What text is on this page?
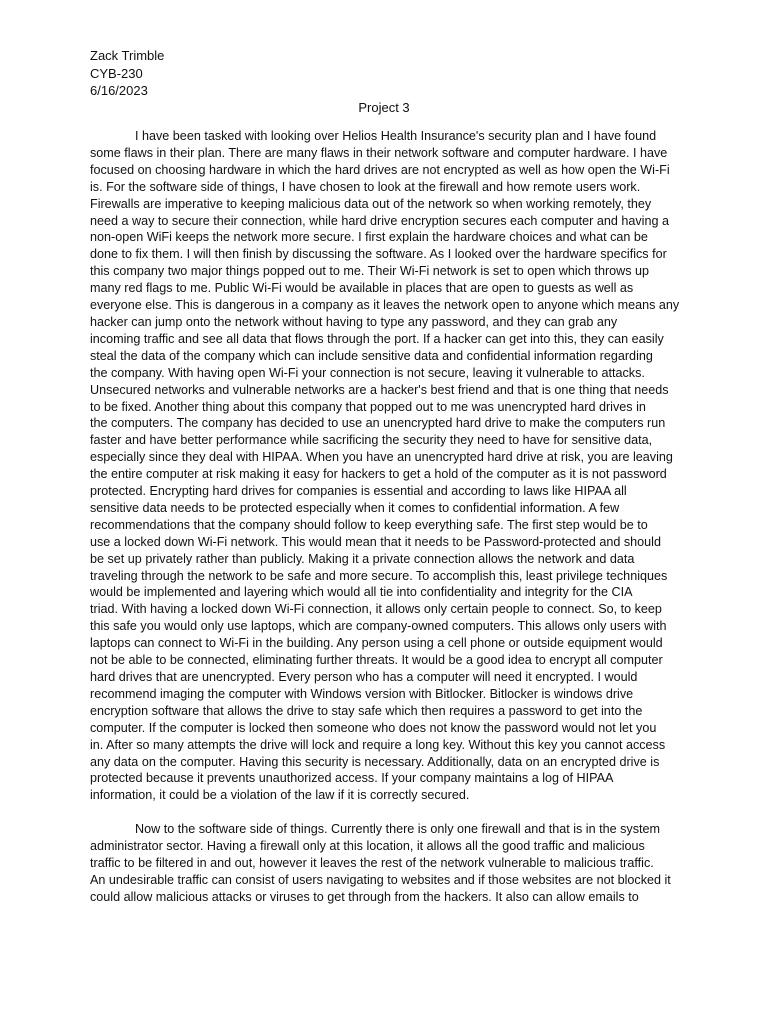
Zack Trimble
CYB-230
6/16/2023
Project 3
I have been tasked with looking over Helios Health Insurance's security plan and I have found
some flaws in their plan. There are many flaws in their network software and computer hardware. I have
focused on choosing hardware in which the hard drives are not encrypted as well as how open the Wi-Fi
is. For the software side of things, I have chosen to look at the firewall and how remote users work.
Firewalls are imperative to keeping malicious data out of the network so when working remotely, they
need a way to secure their connection, while hard drive encryption secures each computer and having a
non-open WiFi keeps the network more secure. I first explain the hardware choices and what can be
done to fix them. I will then finish by discussing the software. As I looked over the hardware specifics for
this company two major things popped out to me. Their Wi-Fi network is set to open which throws up
many red flags to me. Public Wi-Fi would be available in places that are open to guests as well as
everyone else. This is dangerous in a company as it leaves the network open to anyone which means any
hacker can jump onto the network without having to type any password, and they can grab any
incoming traffic and see all data that flows through the port. If a hacker can get into this, they can easily
steal the data of the company which can include sensitive data and confidential information regarding
the company. With having open Wi-Fi your connection is not secure, leaving it vulnerable to attacks.
Unsecured networks and vulnerable networks are a hacker's best friend and that is one thing that needs
to be fixed. Another thing about this company that popped out to me was unencrypted hard drives in
the computers. The company has decided to use an unencrypted hard drive to make the computers run
faster and have better performance while sacrificing the security they need to have for sensitive data,
especially since they deal with HIPAA. When you have an unencrypted hard drive at risk, you are leaving
the entire computer at risk making it easy for hackers to get a hold of the computer as it is not password
protected. Encrypting hard drives for companies is essential and according to laws like HIPAA all
sensitive data needs to be protected especially when it comes to confidential information. A few
recommendations that the company should follow to keep everything safe. The first step would be to
use a locked down Wi-Fi network. This would mean that it needs to be Password-protected and should
be set up privately rather than publicly. Making it a private connection allows the network and data
traveling through the network to be safe and more secure. To accomplish this, least privilege techniques
would be implemented and layering which would all tie into confidentiality and integrity for the CIA
triad. With having a locked down Wi-Fi connection, it allows only certain people to connect. So, to keep
this safe you would only use laptops, which are company-owned computers. This allows only users with
laptops can connect to Wi-Fi in the building. Any person using a cell phone or outside equipment would
not be able to be connected, eliminating further threats. It would be a good idea to encrypt all computer
hard drives that are unencrypted. Every person who has a computer will need it encrypted. I would
recommend imaging the computer with Windows version with Bitlocker. Bitlocker is windows drive
encryption software that allows the drive to stay safe which then requires a password to get into the
computer. If the computer is locked then someone who does not know the password would not let you
in. After so many attempts the drive will lock and require a long key. Without this key you cannot access
any data on the computer. Having this security is necessary. Additionally, data on an encrypted drive is
protected because it prevents unauthorized access. If your company maintains a log of HIPAA
information, it could be a violation of the law if it is correctly secured.
Now to the software side of things. Currently there is only one firewall and that is in the system
administrator sector. Having a firewall only at this location, it allows all the good traffic and malicious
traffic to be filtered in and out, however it leaves the rest of the network vulnerable to malicious traffic.
An undesirable traffic can consist of users navigating to websites and if those websites are not blocked it
could allow malicious attacks or viruses to get through from the hackers. It also can allow emails to
